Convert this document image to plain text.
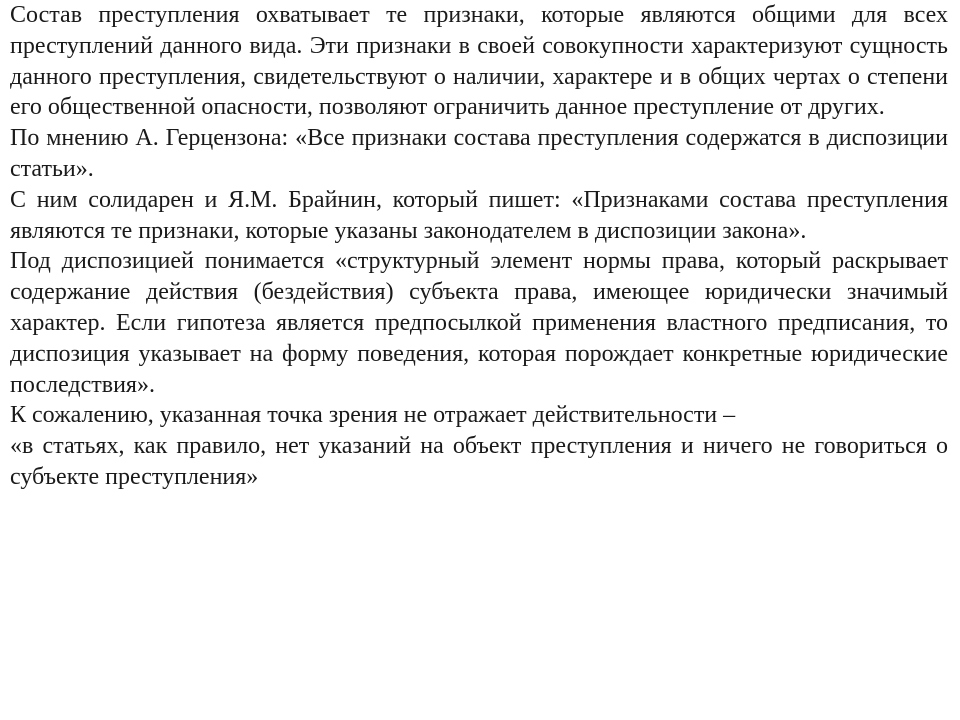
Состав преступления охватывает те признаки, которые являются общими для всех преступлений данного вида. Эти признаки в своей совокупности характеризуют сущность данного преступления, свидетельствуют о наличии, характере и в общих чертах о степени его общественной опасности, позволяют ограничить данное преступление от других.

По мнению А. Герцензона: «Все признаки состава преступления содержатся в диспозиции статьи».

С ним солидарен и Я.М. Брайнин, который пишет: «Признаками состава преступления являются те признаки, которые указаны законодателем в диспозиции закона».

Под диспозицией понимается «структурный элемент нормы права, который раскрывает содержание действия (бездействия) субъекта права, имеющее юридически значимый характер. Если гипотеза является предпосылкой применения властного предписания, то диспозиция указывает на форму поведения, которая порождает конкретные юридические последствия».

К сожалению, указанная точка зрения не отражает действительности –

«в статьях, как правило, нет указаний на объект преступления и ничего не говориться о субъекте преступления»
